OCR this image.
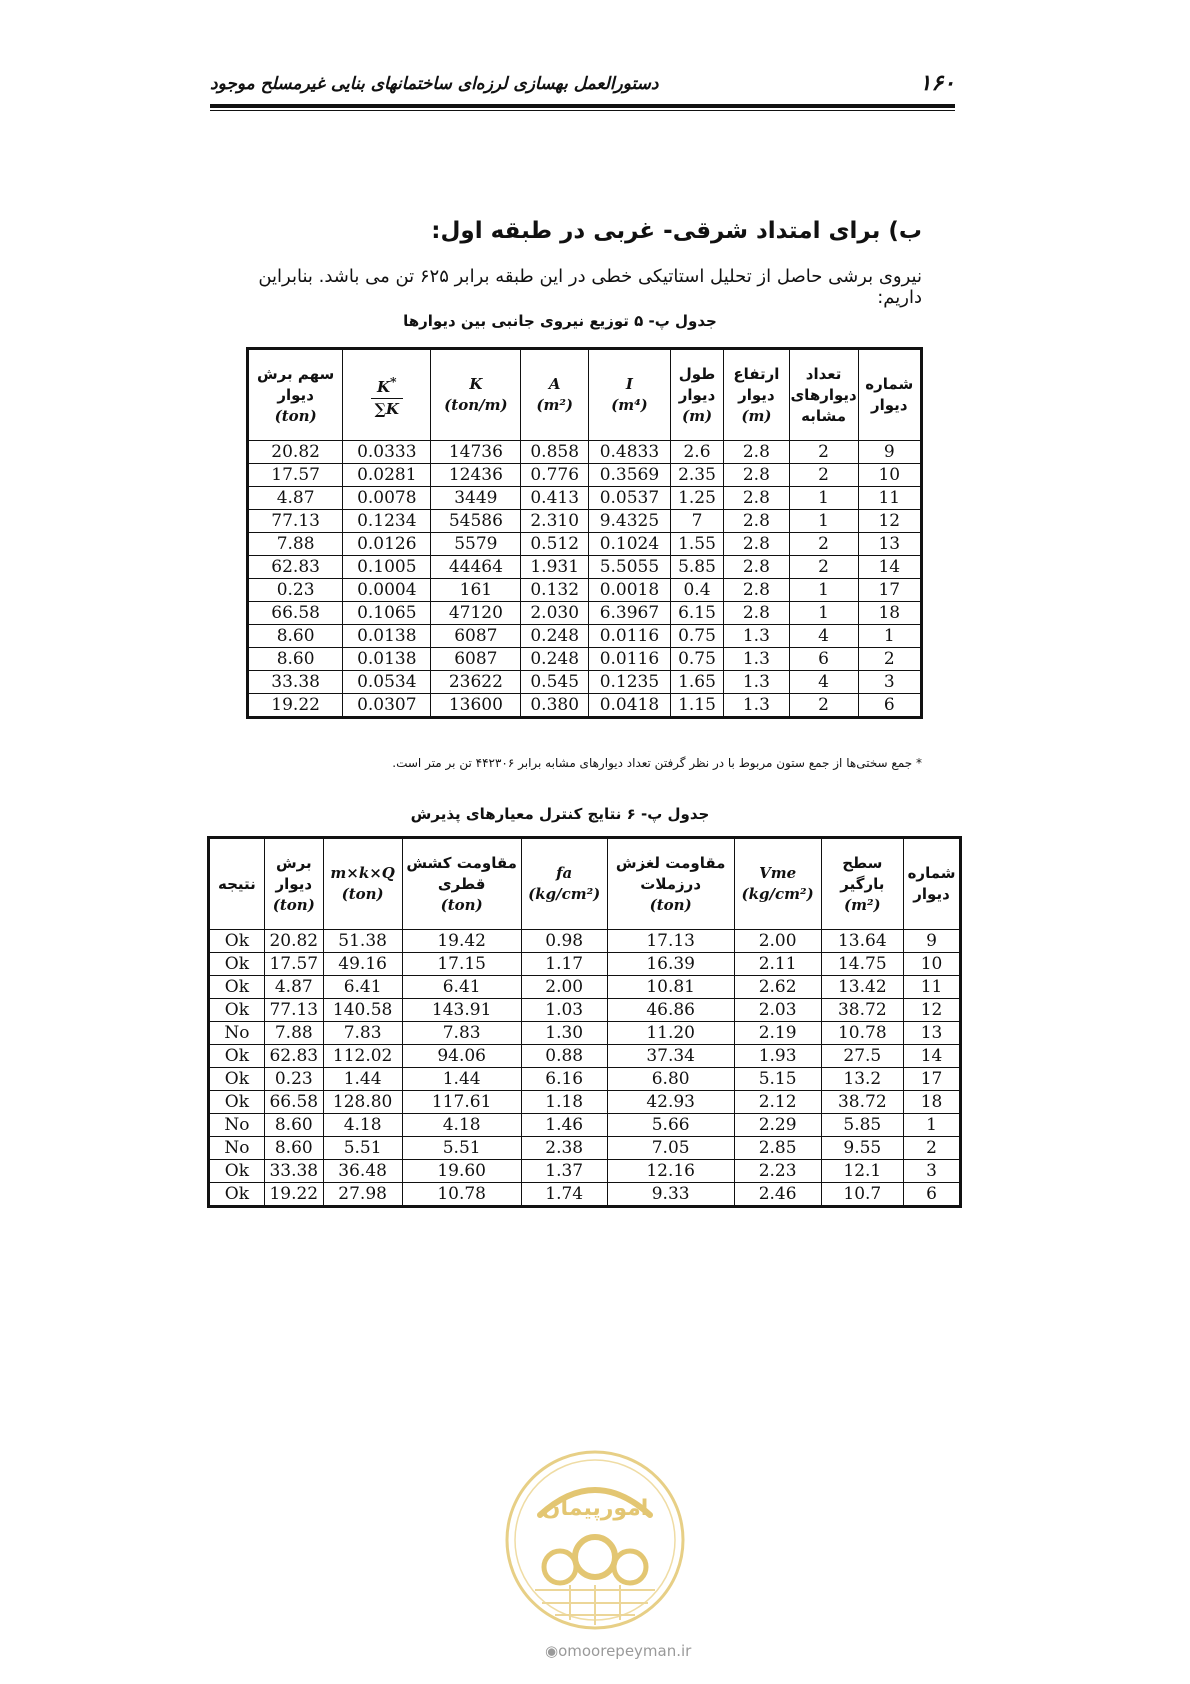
۱۶۰
دستورالعمل بهسازی لرزه‌ای ساختمانهای بنایی غیرمسلح موجود
ب) برای امتداد شرقی- غربی در طبقه اول:
نیروی برشی حاصل از تحلیل استاتیکی خطی در این طبقه برابر ۶۲۵ تن می باشد. بنابراین داریم:
جدول پ- ۵ توزیع نیروی جانبی بین دیوارها
شماره دیوار	تعداد دیوارهای مشابه	ارتفاع دیوار
(m)	طول دیوار
(m)	I
(m⁴)	A
(m²)	K
(ton/m)	$\frac{K^*}{\sum K}$	سهم برش دیوار
(ton)
9	2	2.8	2.6	0.4833	0.858	14736	0.0333	20.82
10	2	2.8	2.35	0.3569	0.776	12436	0.0281	17.57
11	1	2.8	1.25	0.0537	0.413	3449	0.0078	4.87
12	1	2.8	7	9.4325	2.310	54586	0.1234	77.13
13	2	2.8	1.55	0.1024	0.512	5579	0.0126	7.88
14	2	2.8	5.85	5.5055	1.931	44464	0.1005	62.83
17	1	2.8	0.4	0.0018	0.132	161	0.0004	0.23
18	1	2.8	6.15	6.3967	2.030	47120	0.1065	66.58
1	4	1.3	0.75	0.0116	0.248	6087	0.0138	8.60
2	6	1.3	0.75	0.0116	0.248	6087	0.0138	8.60
3	4	1.3	1.65	0.1235	0.545	23622	0.0534	33.38
6	2	1.3	1.15	0.0418	0.380	13600	0.0307	19.22
* جمع سختی‌ها از جمع ستون مربوط با در نظر گرفتن تعداد دیوارهای مشابه برابر ۴۴۲۳۰۶ تن بر متر است.
جدول پ- ۶ نتایج کنترل معیارهای پذیرش
شماره دیوار	سطح بارگیر
(m²)	Vme
(kg/cm²)	مقاومت لغزش درزملات
(ton)	fa
(kg/cm²)	مقاومت کشش قطری
(ton)	m×k×Q
(ton)	برش دیوار
(ton)	نتیجه
9	13.64	2.00	17.13	0.98	19.42	51.38	20.82	Ok
10	14.75	2.11	16.39	1.17	17.15	49.16	17.57	Ok
11	13.42	2.62	10.81	2.00	6.41	6.41	4.87	Ok
12	38.72	2.03	46.86	1.03	143.91	140.58	77.13	Ok
13	10.78	2.19	11.20	1.30	7.83	7.83	7.88	No
14	27.5	1.93	37.34	0.88	94.06	112.02	62.83	Ok
17	13.2	5.15	6.80	6.16	1.44	1.44	0.23	Ok
18	38.72	2.12	42.93	1.18	117.61	128.80	66.58	Ok
1	5.85	2.29	5.66	1.46	4.18	4.18	8.60	No
2	9.55	2.85	7.05	2.38	5.51	5.51	8.60	No
3	12.1	2.23	12.16	1.37	19.60	36.48	33.38	Ok
6	10.7	2.46	9.33	1.74	10.78	27.98	19.22	Ok
امورپیمان
◉omoorepeyman.ir
